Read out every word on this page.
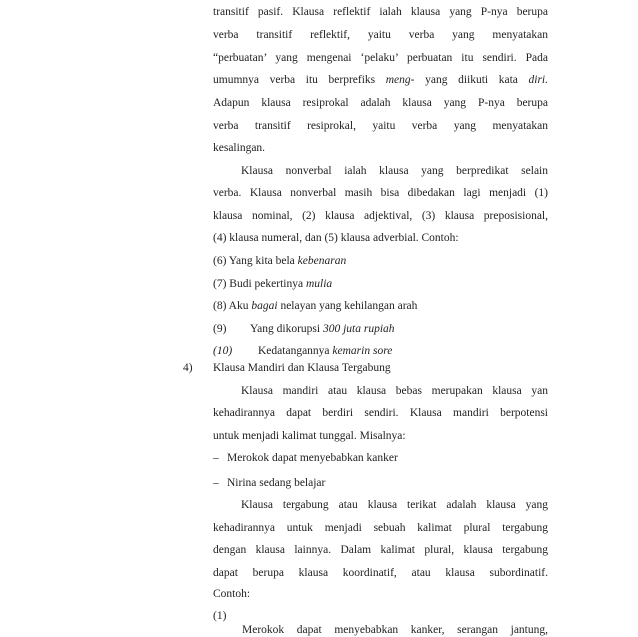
transitif pasif. Klausa reflektif ialah klausa yang P-nya berupa
verba transitif reflektif, yaitu verba yang menyatakan
“perbuatan’ yang mengenai ‘pelaku’ perbuatan itu sendiri. Pada
umumnya verba itu berprefiks meng- yang diikuti kata diri.
Adapun klausa resiprokal adalah klausa yang P-nya berupa
verba transitif resiprokal, yaitu verba yang menyatakan
kesalingan.
Klausa nonverbal ialah klausa yang berpredikat selain
verba. Klausa nonverbal masih bisa dibedakan lagi menjadi (1)
klausa nominal, (2) klausa adjektival, (3) klausa preposisional,
(4) klausa numeral, dan (5) klausa adverbial. Contoh:
(6) Yang kita bela kebenaran
(7) Budi pekertinya mulia
(8) Aku bagai nelayan yang kehilangan arah
(9) Yang dikorupsi 300 juta rupiah
(10) Kedatangannya kemarin sore
4) Klausa Mandiri dan Klausa Tergabung
Klausa mandiri atau klausa bebas merupakan klausa yan
kehadirannya dapat berdiri sendiri. Klausa mandiri berpotensi
untuk menjadi kalimat tunggal. Misalnya:
– Merokok dapat menyebabkan kanker
– Nirina sedang belajar
Klausa tergabung atau klausa terikat adalah klausa yang
kehadirannya untuk menjadi sebuah kalimat plural tergabung
dengan klausa lainnya. Dalam kalimat plural, klausa tergabung
dapat berupa klausa koordinatif, atau klausa subordinatif.
Contoh:
(1)
Merokok dapat menyebabkan kanker, serangan jantung,
